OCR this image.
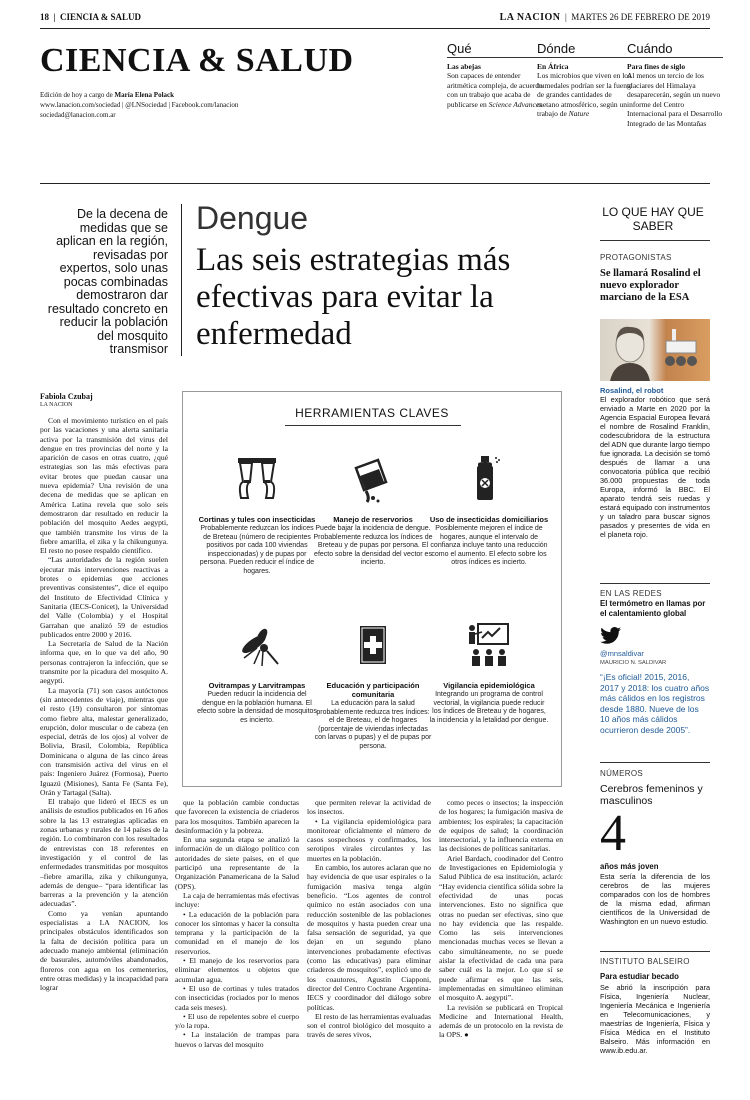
18  |  CIENCIA & SALUD	LA NACION  |  MARTES 26 DE FEBRERO DE 2019
CIENCIA & SALUD
Edición de hoy a cargo de María Elena Polack
www.lanacion.com/sociedad | @LNSociedad | Facebook.com/lanacion
sociedad@lanacion.com.ar
Qué
Las abejas
Son capaces de entender aritmética compleja, de acuerdo con un trabajo que acaba de publicarse en Science Advances
Dónde
En África
Los microbios que viven en los humedales podrían ser la fuente de grandes cantidades de metano atmosférico, según un trabajo de Nature
Cuándo
Para fines de siglo
Al menos un tercio de los glaciares del Himalaya desaparecerán, según un nuevo informe del Centro Internacional para el Desarrollo Integrado de las Montañas
De la decena de medidas que se aplican en la región, revisadas por expertos, solo unas pocas combinadas demostraron dar resultado concreto en reducir la población del mosquito transmisor
Dengue
Las seis estrategias más efectivas para evitar la enfermedad
Fabiola Czubaj
LA NACION

Con el movimiento turístico en el país por las vacaciones y una alerta sanitaria activa por la transmisión del virus del dengue en tres provincias del norte y la aparición de casos en otras cuatro, ¿qué estrategias son las más efectivas para evitar brotes que puedan causar una nueva epidemia? Una revisión de una decena de medidas que se aplican en América Latina revela que solo seis demostraron dar resultado en reducir la población del mosquito Aedes aegypti, que también transmite los virus de la fiebre amarilla, el zika y la chikungunya. El resto no posee respaldo científico.

“Las autoridades de la región suelen ejecutar más intervenciones reactivas a brotes o epidemias que acciones preventivas consistentes”, dice el equipo del Instituto de Efectividad Clínica y Sanitaria (IECS-Conicet), la Universidad del Valle (Colombia) y el Hospital Garrahan que analizó 59 de estudios publicados entre 2000 y 2016.

La Secretaría de Salud de la Nación informa que, en lo que va del año, 90 personas contrajeron la infección, que se transmite por la picadura del mosquito A. aegypti.

La mayoría (71) son casos autóctonos (sin antecedentes de viaje), mientras que el resto (19) consultaron por síntomas como fiebre alta, malestar generalizado, erupción, dolor muscular o de cabeza (en especial, detrás de los ojos) al volver de Bolivia, Brasil, Colombia, República Dominicana o alguna de las cinco áreas con transmisión activa del virus en el país: Ingeniero Juárez (Formosa), Puerto Iguazú (Misiones), Santa Fe (Santa Fe), Orán y Tartagal (Salta).

El trabajo que lideró el IECS es un análisis de estudios publicados en 16 años sobre la las 13 estrategias aplicadas en zonas urbanas y rurales de 14 países de la región. Lo combinaron con los resultados de entrevistas con 18 referentes en investigación y el control de las enfermedades transmitidas por mosquitos –fiebre amarilla, zika y chikungunya, además de dengue– “para identificar las barreras a la prevención y la atención adecuadas”.

Como ya venían apuntando especialistas a LA NACION, los principales obstáculos identificados son la falta de decisión política para un adecuado manejo ambiental (eliminación de basurales, automóviles abandonados, floreros con agua en los cementerios, entre otras medidas) y la incapacidad para lograr

que la población cambie conductas que favorecen la existencia de criaderos para los mosquitos. También aparecen la desinformación y la pobreza.

En una segunda etapa se analizó la información de un diálogo político con autoridades de siete países, en el que participó una representante de la Organización Panamericana de la Salud (OPS).

La caja de herramientas más efectivas incluye:

• La educación de la población para conocer los síntomas y hacer la consulta temprana y la participación de la comunidad en el manejo de los reservorios.

• El manejo de los reservorios para eliminar elementos u objetos que acumulan agua.

• El uso de cortinas y tules tratados con insecticidas (rociados por lo menos cada seis meses).

• El uso de repelentes sobre el cuerpo y/o la ropa.

• La instalación de trampas para huevos o larvas del mosquito

que permiten relevar la actividad de los insectos.

• La vigilancia epidemiológica para monitorear oficialmente el número de casos sospechosos y confirmados, los serotipos virales circulantes y las muertes en la población.

En cambio, los autores aclaran que no hay evidencia de que usar espirales o la fumigación masiva tenga algún beneficio. “Los agentes de control químico no están asociados con una reducción sostenible de las poblaciones de mosquitos y hasta pueden crear una falsa sensación de seguridad, ya que dejan en un segundo plano intervenciones probadamente efectivas (como las educativas) para eliminar criaderos de mosquitos”, explicó uno de los coautores, Agustín Ciapponi, director del Centro Cochrane Argentina-IECS y coordinador del diálogo sobre políticas.

El resto de las herramientas evaluadas son el control biológico del mosquito a través de seres vivos,

como peces o insectos; la inspección de los hogares; la fumigación masiva de ambientes; los espirales; la capacitación de equipos de salud; la coordinación intersectorial, y la influencia externa en las decisiones de políticas sanitarias.

Ariel Bardach, coodinador del Centro de Investigaciones en Epidemiología y Salud Pública de esa institución, aclaró: “Hay evidencia científica sólida sobre la efectividad de unas pocas intervenciones. Esto no significa que otras no puedan ser efectivas, sino que no hay evidencia que las respalde. Como las seis intervenciones mencionadas muchas veces se llevan a cabo simultáneamente, no se puede aislar la efectividad de cada una para saber cuál es la mejor. Lo que sí se puede afirmar es que las seis, implementadas en simultáneo eliminan el mosquito A. aegypti”.

La revisión se publicará en Tropical Medicine and International Health, además de un protocolo en la revista de la OPS. ●

HERRAMIENTAS CLAVES
Cortinas y tules con insecticidas
Probablemente reduzcan los índices de Breteau (número de recipientes positivos por cada 100 viviendas inspeccionadas) y de pupas por persona. Pueden reducir el índice de hogares.
Manejo de reservorios
Puede bajar la incidencia de dengue. Probablemente reduzca los índices de Breteau y de pupas por persona. El efecto sobre la densidad del vector es incierto.
Uso de insecticidas domiciliarios
Posiblemente mejoren el índice de hogares, aunque el intervalo de confianza incluye tanto una reducción como el aumento. El efecto sobre los otros índices es incierto.
Ovitrampas y Larvitrampas
Pueden reducir la incidencia del dengue en la población humana. El efecto sobre la densidad de mosquitos es incierto.
Educación y participación comunitaria
La educación para la salud probablemente reduzca tres índices: el de Breteau, el de hogares (porcentaje de viviendas infectadas con larvas o pupas) y el de pupas por persona.
Vigilancia epidemiológica
Integrando un programa de control vectorial, la vigilancia puede reducir los índices de Breteau y de hogares, la incidencia y la letalidad por dengue.
LO QUE HAY QUE SABER
PROTAGONISTAS
Se llamará Rosalind el nuevo explorador marciano de la ESA
Rosalind, el robot
El explorador robótico que será enviado a Marte en 2020 por la Agencia Espacial Europea llevará el nombre de Rosalind Franklin, codescubridora de la estructura del ADN que durante largo tiempo fue ignorada. La decisión se tomó después de llamar a una convocatoria pública que recibió 36.000 propuestas de toda Europa, informó la BBC. El aparato tendrá seis ruedas y estará equipado con instrumentos y un taladro para buscar signos pasados y presentes de vida en el planeta rojo.
EN LAS REDES
El termómetro en llamas por el calentamiento global
@mnsaldivar
MAURICIO N. SALDIVAR
“¡Es oficial! 2015, 2016, 2017 y 2018: los cuatro años más cálidos en los registros desde 1880. Nueve de los 10 años más cálidos ocurrieron desde 2005”.
NÚMEROS
Cerebros femeninos y masculinos
4
años más joven
Esta sería la diferencia de los cerebros de las mujeres comparados con los de hombres de la misma edad, afirman científicos de la Universidad de Washington en un nuevo estudio.
INSTITUTO BALSEIRO
Para estudiar becado
Se abrió la inscripción para Física, Ingeniería Nuclear, Ingeniería Mecánica e Ingeniería en Telecomunicaciones, y maestrías de Ingeniería, Física y Física Médica en el Instituto Balseiro. Más información en www.ib.edu.ar.
